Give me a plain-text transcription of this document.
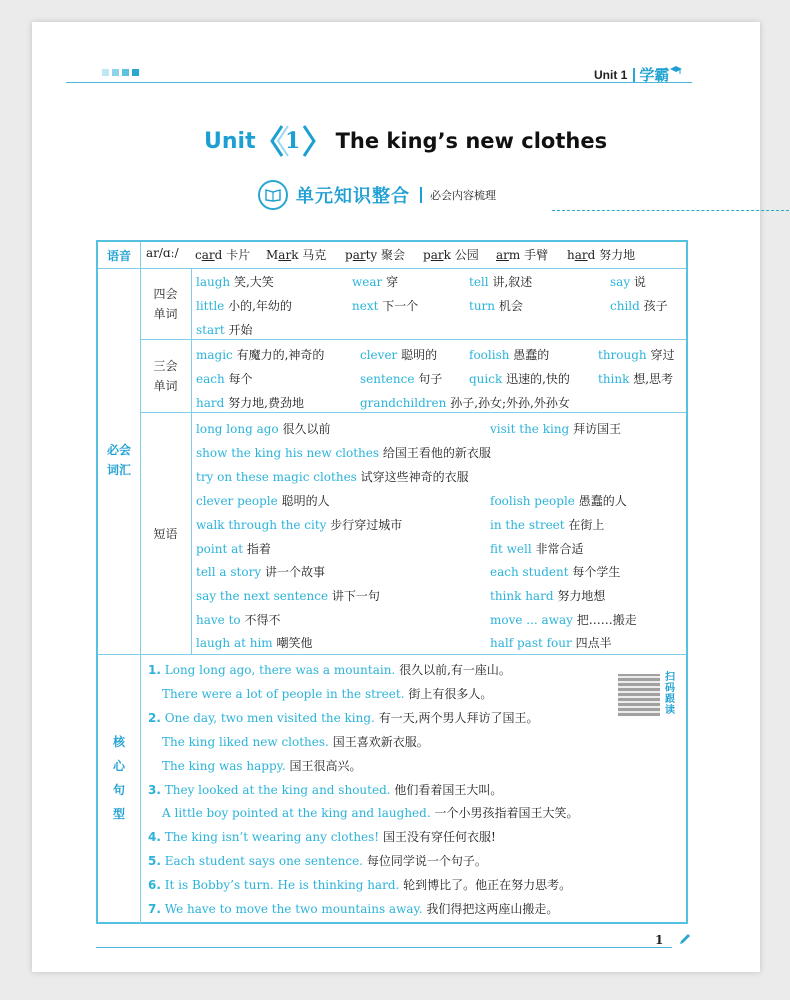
Unit 1 学霸
Unit 1 The king’s new clothes
单元知识整合 必会内容梳理
语音	ar/ɑː/ card 卡片 Mark 马克 party 聚会 park 公园 arm 手臂 hard 努力地
必会
词汇
四会
单词
laugh 笑,大笑	wear 穿	tell 讲,叙述	say 说
little 小的,年幼的	next 下一个	turn 机会	child 孩子
start 开始
三会
单词
magic 有魔力的,神奇的	clever 聪明的	foolish 愚蠢的	through 穿过
each 每个	sentence 句子 quick 迅速的,快的 think 想,思考
hard 努力地,费劲地	grandchildren 孙子,孙女;外孙,外孙女
短语
long long ago 很久以前	visit the king 拜访国王
show the king his new clothes 给国王看他的新衣服
try on these magic clothes 试穿这些神奇的衣服
clever people 聪明的人	foolish people 愚蠢的人
walk through the city 步行穿过城市	in the street 在街上
point at 指着	fit well 非常合适
tell a story 讲一个故事	each student 每个学生
say the next sentence 讲下一句	think hard 努力地想
have to 不得不	move ... away 把……搬走
laugh at him 嘲笑他	half past four 四点半
核
心
句
型
1. Long long ago, there was a mountain. 很久以前,有一座山。
There were a lot of people in the street. 街上有很多人。
2. One day, two men visited the king. 有一天,两个男人拜访了国王。
The king liked new clothes. 国王喜欢新衣服。
The king was happy. 国王很高兴。
3. They looked at the king and shouted. 他们看着国王大叫。
A little boy pointed at the king and laughed. 一个小男孩指着国王大笑。
4. The king isn’t wearing any clothes! 国王没有穿任何衣服!
5. Each student says one sentence. 每位同学说一个句子。
6. It is Bobby’s turn. He is thinking hard. 轮到博比了。他正在努力思考。
7. We have to move the two mountains away. 我们得把这两座山搬走。
扫码跟读
1
